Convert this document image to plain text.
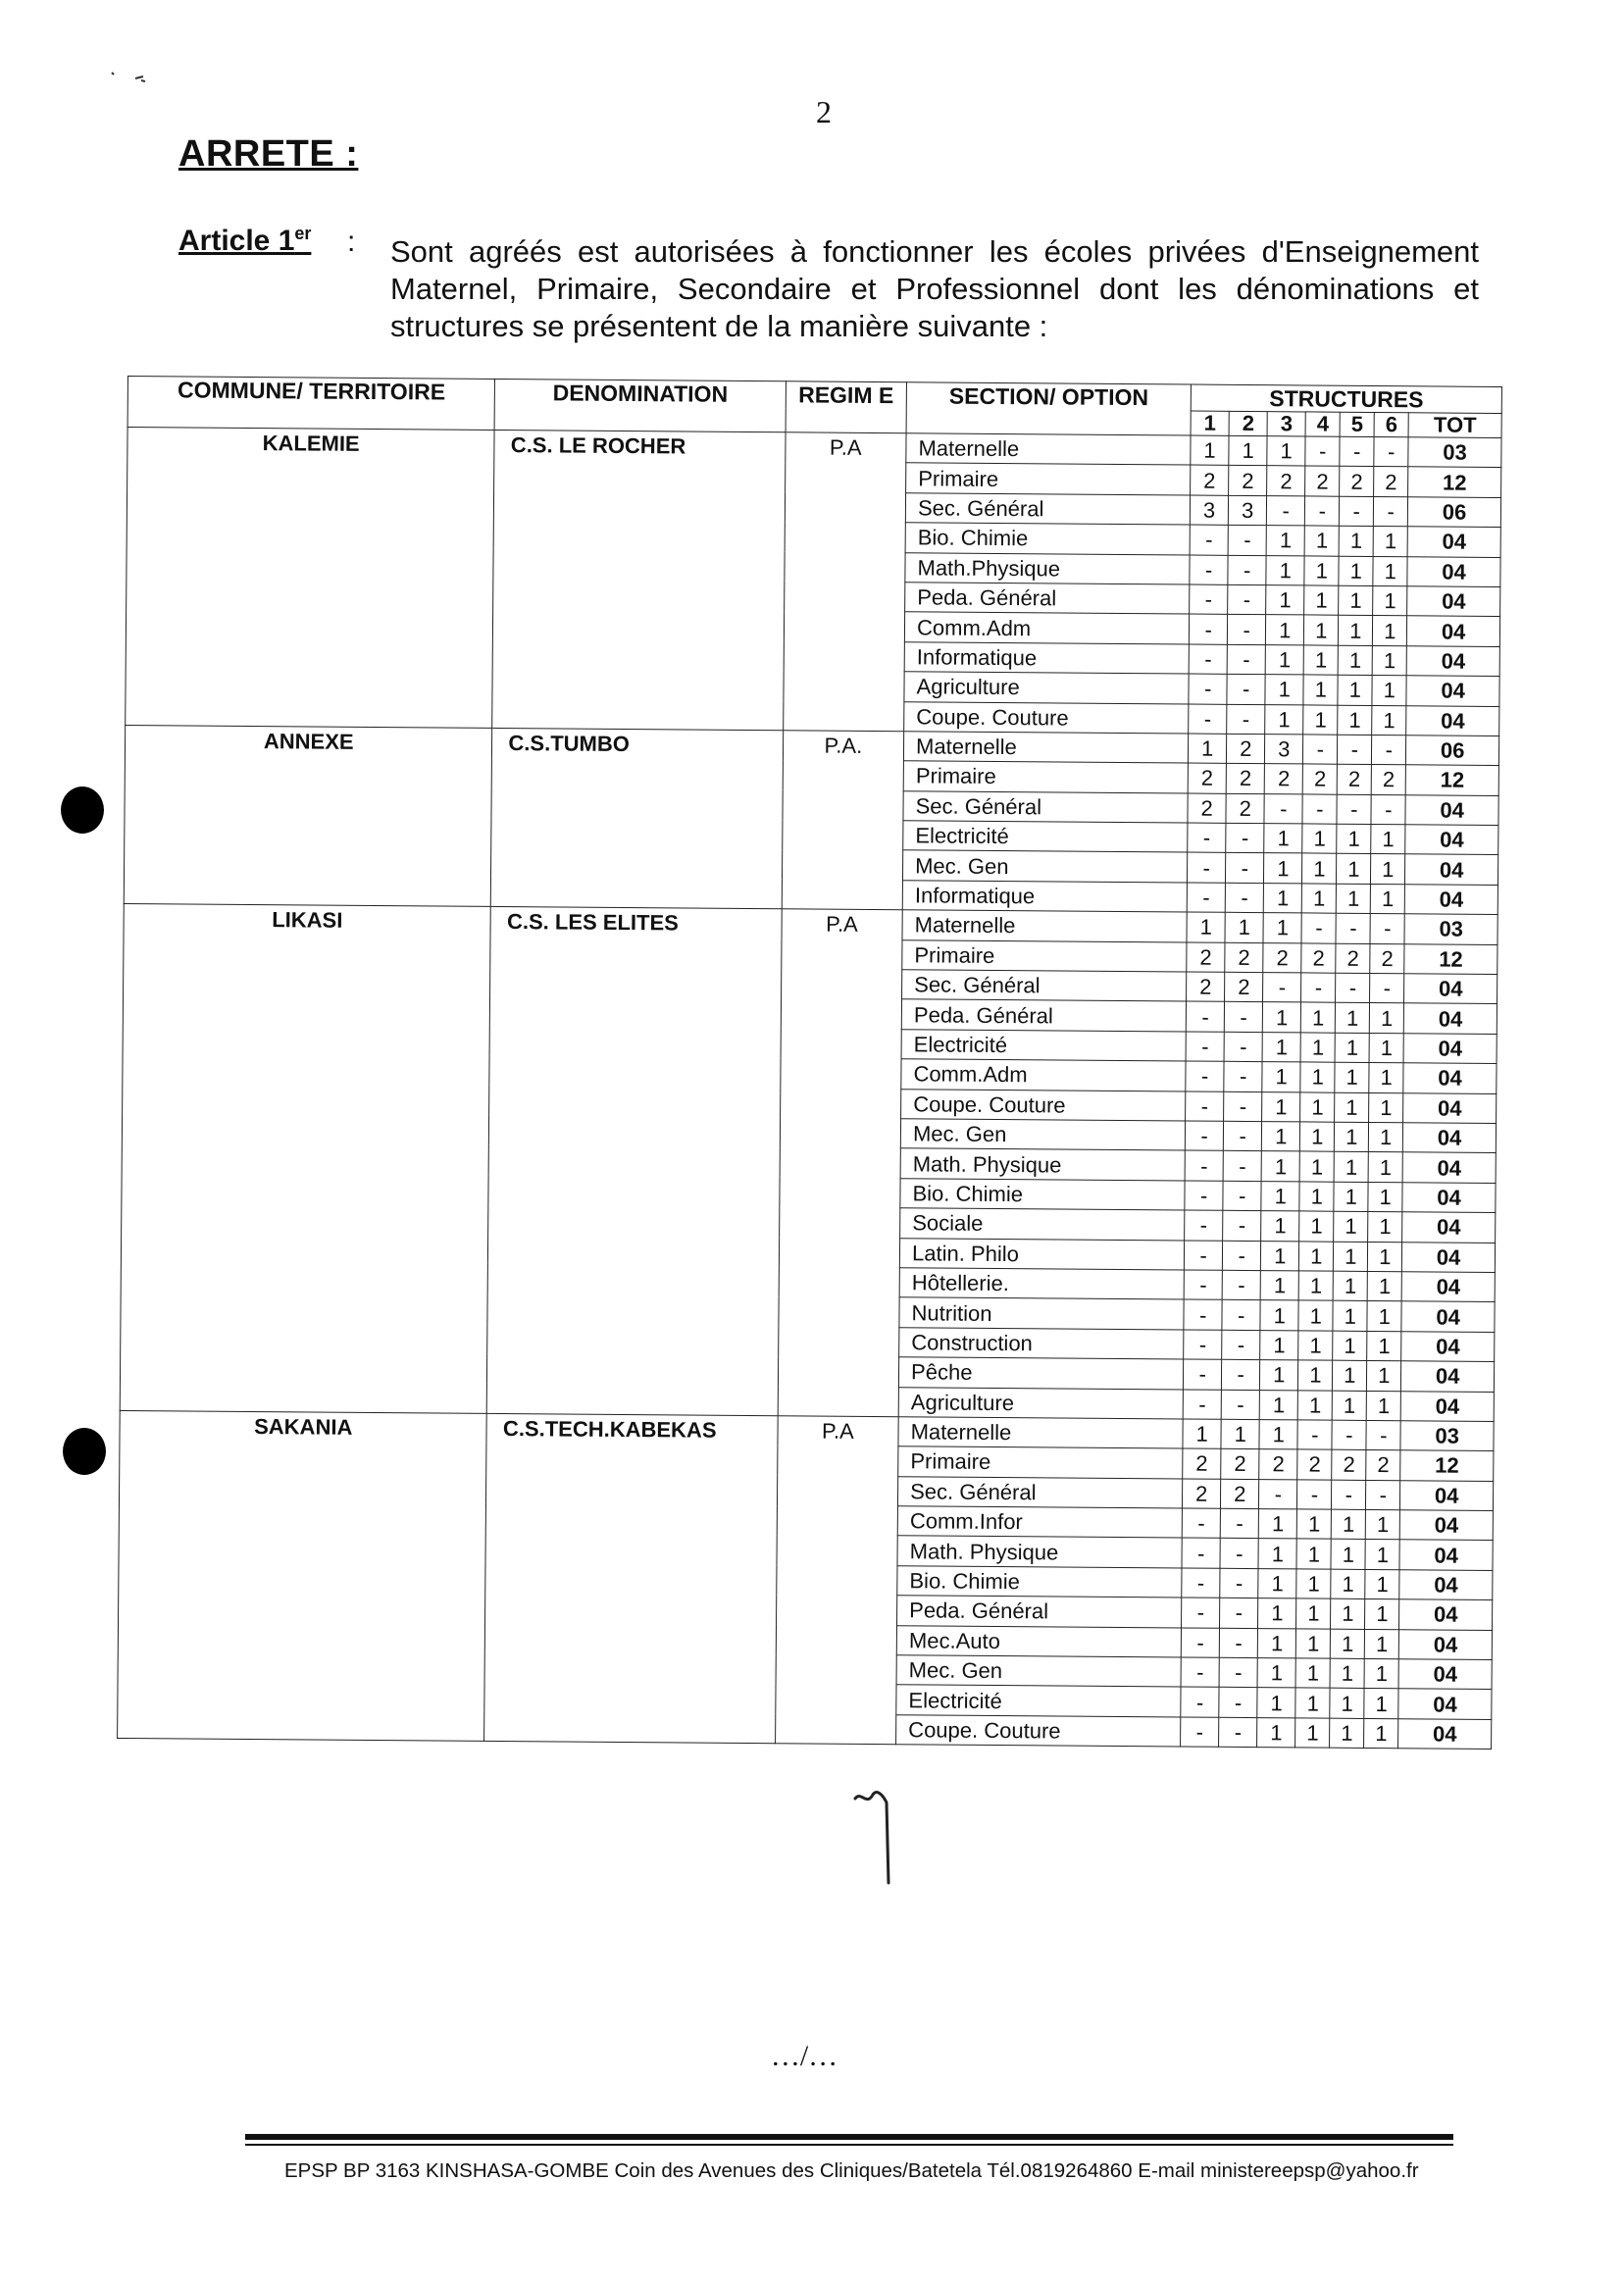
2
ARRETE :
Article 1er : Sont agréés est autorisées à fonctionner les écoles privées d'Enseignement Maternel, Primaire, Secondaire et Professionnel dont les dénominations et structures se présentent de la manière suivante :
COMMUNE/ TERRITOIRE	DENOMINATION	REGIM E	SECTION/ OPTION	STRUCTURES						
				1	2	3	4	5	6	TOT
KALEMIE	C.S. LE ROCHER	P.A	Maternelle	1	1	1	-	-	-	03
			Primaire	2	2	2	2	2	2	12
			Sec. Général	3	3	-	-	-	-	06
			Bio. Chimie	-	-	1	1	1	1	04
			Math.Physique	-	-	1	1	1	1	04
			Peda. Général	-	-	1	1	1	1	04
			Comm.Adm	-	-	1	1	1	1	04
			Informatique	-	-	1	1	1	1	04
			Agriculture	-	-	1	1	1	1	04
			Coupe. Couture	-	-	1	1	1	1	04
ANNEXE	C.S.TUMBO	P.A.	Maternelle	1	2	3	-	-	-	06
			Primaire	2	2	2	2	2	2	12
			Sec. Général	2	2	-	-	-	-	04
			Electricité	-	-	1	1	1	1	04
			Mec. Gen	-	-	1	1	1	1	04
			Informatique	-	-	1	1	1	1	04
LIKASI	C.S. LES ELITES	P.A	Maternelle	1	1	1	-	-	-	03
			Primaire	2	2	2	2	2	2	12
			Sec. Général	2	2	-	-	-	-	04
			Peda. Général	-	-	1	1	1	1	04
			Electricité	-	-	1	1	1	1	04
			Comm.Adm	-	-	1	1	1	1	04
			Coupe. Couture	-	-	1	1	1	1	04
			Mec. Gen	-	-	1	1	1	1	04
			Math. Physique	-	-	1	1	1	1	04
			Bio. Chimie	-	-	1	1	1	1	04
			Sociale	-	-	1	1	1	1	04
			Latin. Philo	-	-	1	1	1	1	04
			Hôtellerie.	-	-	1	1	1	1	04
			Nutrition	-	-	1	1	1	1	04
			Construction	-	-	1	1	1	1	04
			Pêche	-	-	1	1	1	1	04
			Agriculture	-	-	1	1	1	1	04
SAKANIA	C.S.TECH.KABEKAS	P.A	Maternelle	1	1	1	-	-	-	03
			Primaire	2	2	2	2	2	2	12
			Sec. Général	2	2	-	-	-	-	04
			Comm.Infor	-	-	1	1	1	1	04
			Math. Physique	-	-	1	1	1	1	04
			Bio. Chimie	-	-	1	1	1	1	04
			Peda. Général	-	-	1	1	1	1	04
			Mec.Auto	-	-	1	1	1	1	04
			Mec. Gen	-	-	1	1	1	1	04
			Electricité	-	-	1	1	1	1	04
			Coupe. Couture	-	-	1	1	1	1	04
…/…
EPSP BP 3163 KINSHASA-GOMBE Coin des Avenues des Cliniques/Batetela Tél.0819264860 E-mail ministereepsp@yahoo.fr
